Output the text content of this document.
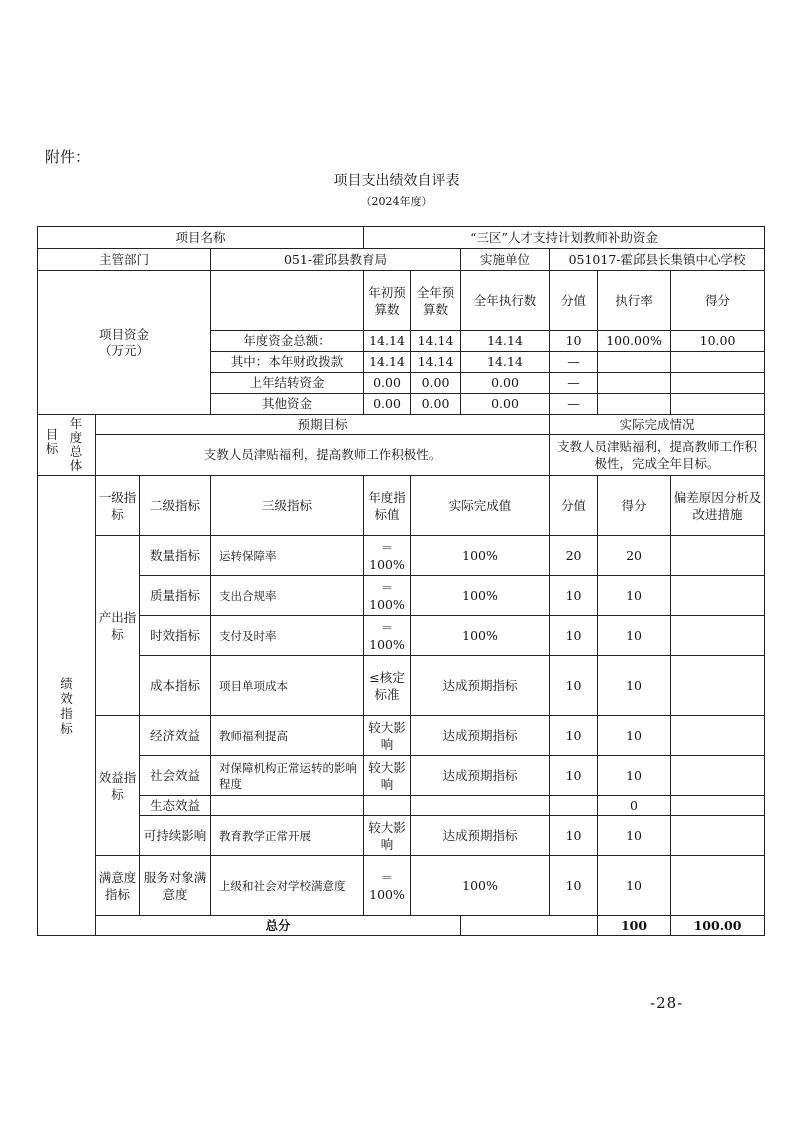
附件：
项目支出绩效自评表
（2024年度）
项目名称				“三区”人才支持计划教师补助资金						
主管部门			051-霍邱县教育局			实施单位	051017-霍邱县长集镇中心学校			
项目资金
（万元）				年初预算数	全年预算数	全年执行数	分值	执行率	得分	
			年度资金总额：	14.14	14.14	14.14	10	100.00%	10.00	
			其中：本年财政拨款	14.14	14.14	14.14	—			
			上年结转资金	0.00	0.00	0.00	—			
			其他资金	0.00	0.00	0.00	—			

年度总体目标	预期目标						实际完成情况			
	支教人员津贴福利，提高教师工作积极性。						支教人员津贴福利，提高教师工作积极性，完成全年目标。			

绩效指标	一级指标	二级指标	三级指标	年度指标值	实际完成值		分值	得分	偏差原因分析及改进措施	
	产出指标	数量指标	运转保障率	＝100%	100%		20	20		
		质量指标	支出合规率	＝100%	100%		10	10		
		时效指标	支付及时率	＝100%	100%		10	10		
		成本指标	项目单项成本	≤核定标准	达成预期指标		10	10		
	效益指标	经济效益	教师福利提高	较大影响	达成预期指标		10	10		
		社会效益	对保障机构正常运转的影响程度	较大影响	达成预期指标		10	10		
		生态效益						0		
		可持续影响	教育教学正常开展	较大影响	达成预期指标		10	10		
	满意度指标	服务对象满意度	上级和社会对学校满意度	＝100%	100%		10	10		
	总分							100	100.00	
-28-
